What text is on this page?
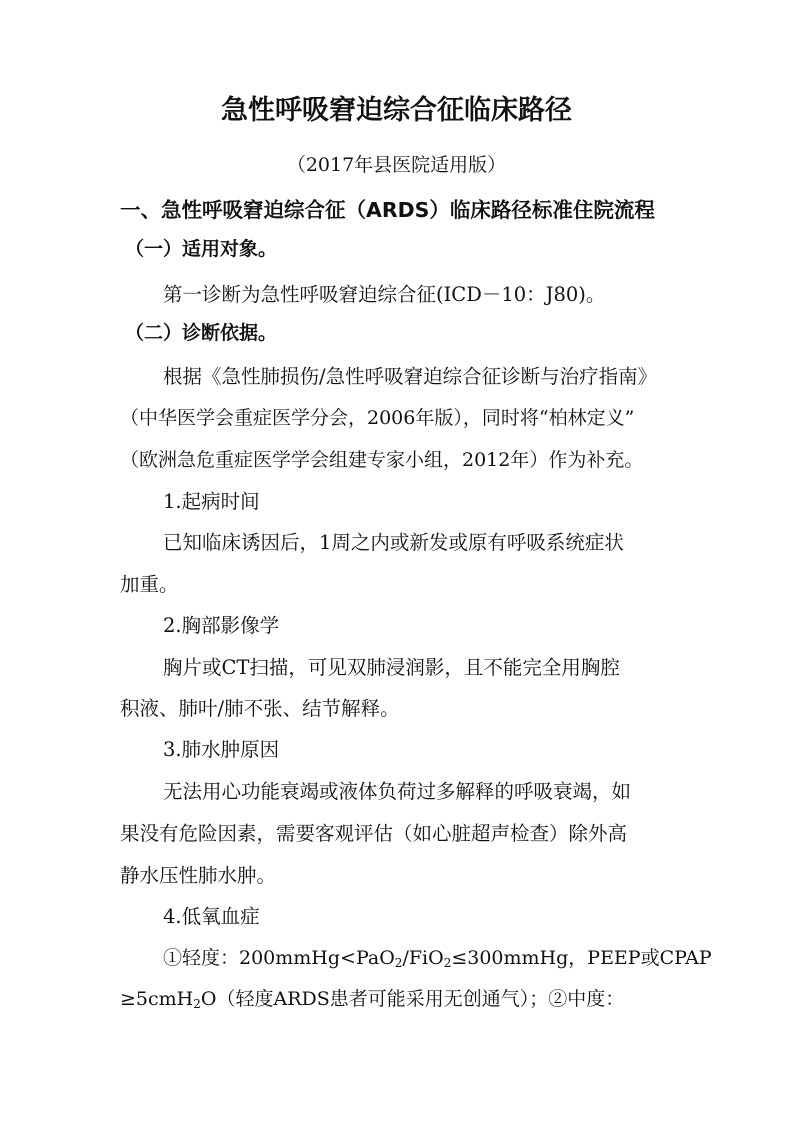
急性呼吸窘迫综合征临床路径
（2017年县医院适用版）
一、急性呼吸窘迫综合征（ARDS）临床路径标准住院流程
（一）适用对象。
第一诊断为急性呼吸窘迫综合征(ICD－10：J80)。
（二）诊断依据。
根据《急性肺损伤/急性呼吸窘迫综合征诊断与治疗指南》
（中华医学会重症医学分会，2006年版），同时将“柏林定义”
（欧洲急危重症医学学会组建专家小组，2012年）作为补充。
1.起病时间
已知临床诱因后，1周之内或新发或原有呼吸系统症状
加重。
2.胸部影像学
胸片或CT扫描，可见双肺浸润影，且不能完全用胸腔
积液、肺叶/肺不张、结节解释。
3.肺水肿原因
无法用心功能衰竭或液体负荷过多解释的呼吸衰竭，如
果没有危险因素，需要客观评估（如心脏超声检查）除外高
静水压性肺水肿。
4.低氧血症
①轻度：200mmHg<PaO$_2$/FiO$_2$≤300mmHg，PEEP或CPAP
≥5cmH$_2$O（轻度ARDS患者可能采用无创通气）；②中度：
